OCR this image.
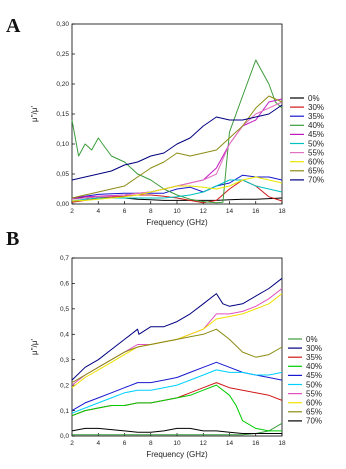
A
0,00
0,05
0,10
0,15
0,20
0,25
0,30
2	4	6	8	10	12	14	16	18
Frequency (GHz)
μ''/μ'
0%
30%
35%
40%
45%
50%
55%
60%
65%
70%
B
0,0
0,1
0,2
0,3
0,4
0,5
0,6
0,7
2	4	6	8	10	12	14	16	18
Frequency (GHz)
μ''/μ'	0%
30%
35%
40%
45%
50%
55%
60%
65%
70%
